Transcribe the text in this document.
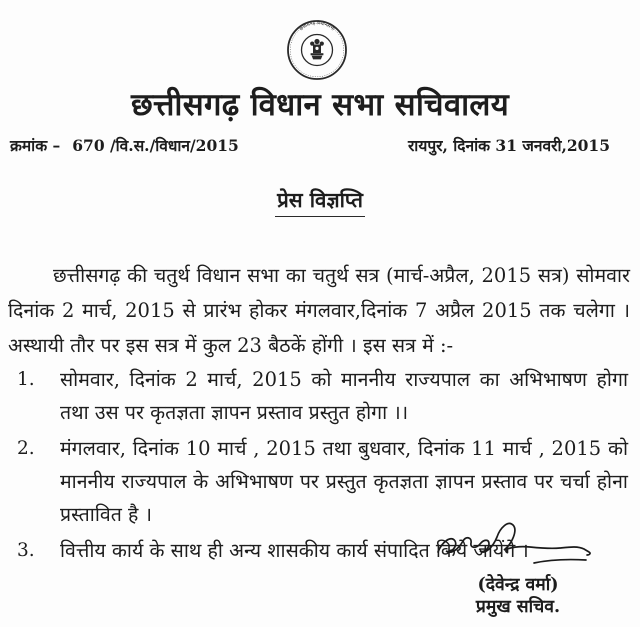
छत्तीसगढ़ विधानसभा
छत्तीसगढ़ विधान सभा सचिवालय
क्रमांक – 670 /वि.स./विधान/2015	रायपुर, दिनांक 31 जनवरी,2015
प्रेस विज्ञप्ति
छत्तीसगढ़ की चतुर्थ विधान सभा का चतुर्थ सत्र (मार्च-अप्रैल, 2015 सत्र) सोमवार दिनांक 2 मार्च, 2015 से प्रारंभ होकर मंगलवार,दिनांक 7 अप्रैल 2015 तक चलेगा । अस्थायी तौर पर इस सत्र में कुल 23 बैठकें होंगी । इस सत्र में :-
1.	सोमवार, दिनांक 2 मार्च, 2015 को माननीय राज्यपाल का अभिभाषण होगा तथा उस पर कृतज्ञता ज्ञापन प्रस्ताव प्रस्तुत होगा ।।
2.	मंगलवार, दिनांक 10 मार्च , 2015 तथा बुधवार, दिनांक 11 मार्च , 2015 को माननीय राज्यपाल के अभिभाषण पर प्रस्तुत कृतज्ञता ज्ञापन प्रस्ताव पर चर्चा होना प्रस्तावित है ।
3.	वित्तीय कार्य के साथ ही अन्य शासकीय कार्य संपादित किये जायेंगे ।
(देवेन्द्र वर्मा)
प्रमुख सचिव.
